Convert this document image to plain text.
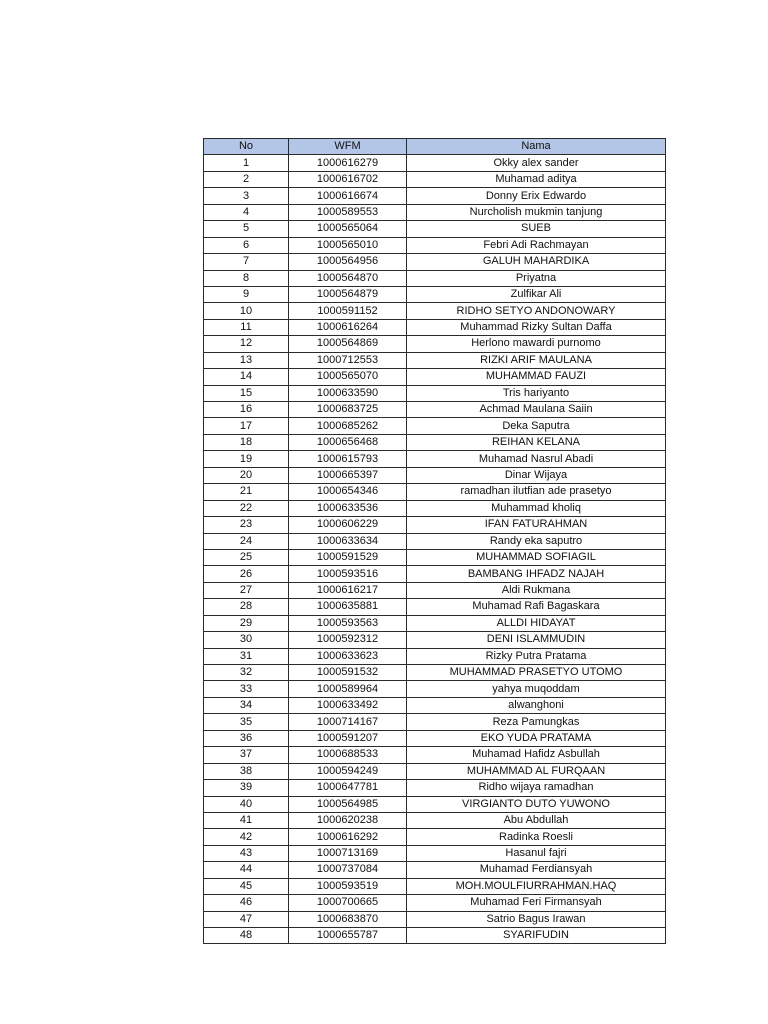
No	WFM	Nama
1	1000616279	Okky alex sander
2	1000616702	Muhamad aditya
3	1000616674	Donny Erix Edwardo
4	1000589553	Nurcholish mukmin tanjung
5	1000565064	SUEB
6	1000565010	Febri Adi Rachmayan
7	1000564956	GALUH MAHARDIKA
8	1000564870	Priyatna
9	1000564879	Zulfikar Ali
10	1000591152	RIDHO SETYO ANDONOWARY
11	1000616264	Muhammad Rizky Sultan Daffa
12	1000564869	Herlono mawardi purnomo
13	1000712553	RIZKI ARIF MAULANA
14	1000565070	MUHAMMAD FAUZI
15	1000633590	Tris hariyanto
16	1000683725	Achmad Maulana Saiin
17	1000685262	Deka Saputra
18	1000656468	REIHAN KELANA
19	1000615793	Muhamad Nasrul Abadi
20	1000665397	Dinar Wijaya
21	1000654346	ramadhan ilutfian ade prasetyo
22	1000633536	Muhammad kholiq
23	1000606229	IFAN FATURAHMAN
24	1000633634	Randy eka saputro
25	1000591529	MUHAMMAD SOFIAGIL
26	1000593516	BAMBANG IHFADZ NAJAH
27	1000616217	Aldi Rukmana
28	1000635881	Muhamad Rafi Bagaskara
29	1000593563	ALLDI HIDAYAT
30	1000592312	DENI ISLAMMUDIN
31	1000633623	Rizky Putra Pratama
32	1000591532	MUHAMMAD PRASETYO UTOMO
33	1000589964	yahya muqoddam
34	1000633492	alwanghoni
35	1000714167	Reza Pamungkas
36	1000591207	EKO YUDA PRATAMA
37	1000688533	Muhamad Hafidz Asbullah
38	1000594249	MUHAMMAD AL FURQAAN
39	1000647781	Ridho wijaya ramadhan
40	1000564985	VIRGIANTO DUTO YUWONO
41	1000620238	Abu Abdullah
42	1000616292	Radinka Roesli
43	1000713169	Hasanul fajri
44	1000737084	Muhamad Ferdiansyah
45	1000593519	MOH.MOULFIURRAHMAN.HAQ
46	1000700665	Muhamad Feri Firmansyah
47	1000683870	Satrio Bagus Irawan
48	1000655787	SYARIFUDIN
